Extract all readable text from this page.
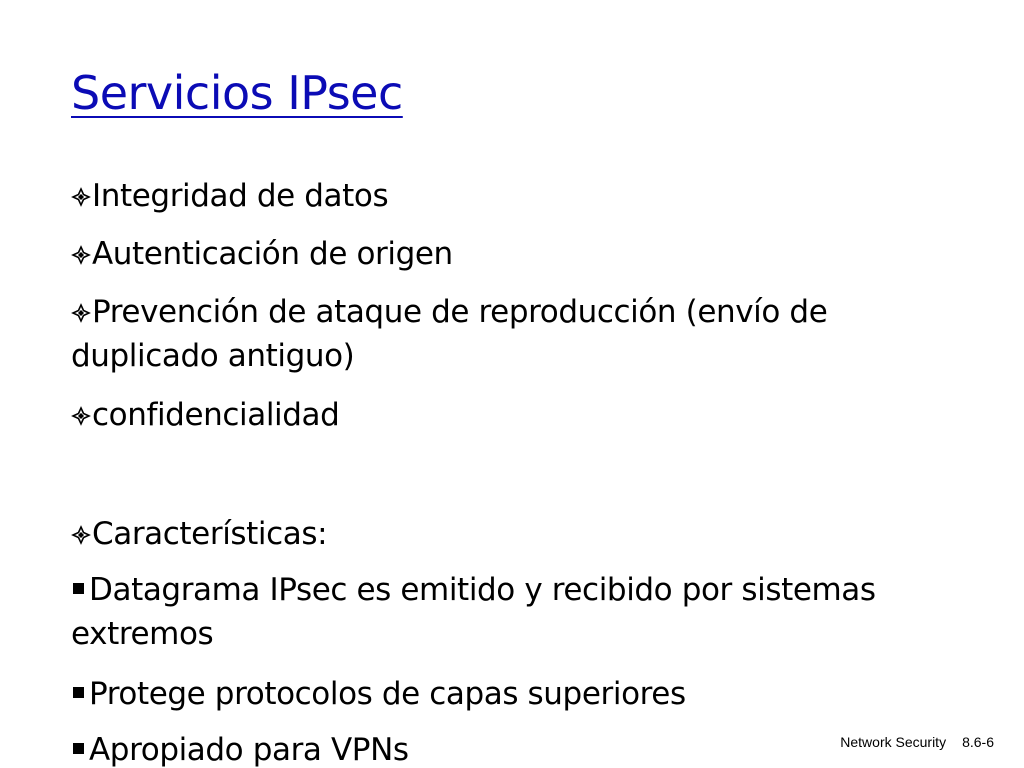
Servicios IPsec
Integridad de datos
Autenticación de origen
Prevención de ataque de reproducción (envío de duplicado antiguo)
confidencialidad
Características:
Datagrama IPsec es emitido y recibido por sistemas extremos
Protege protocolos de capas superiores
Apropiado para VPNs	Network Security 8.6-6
